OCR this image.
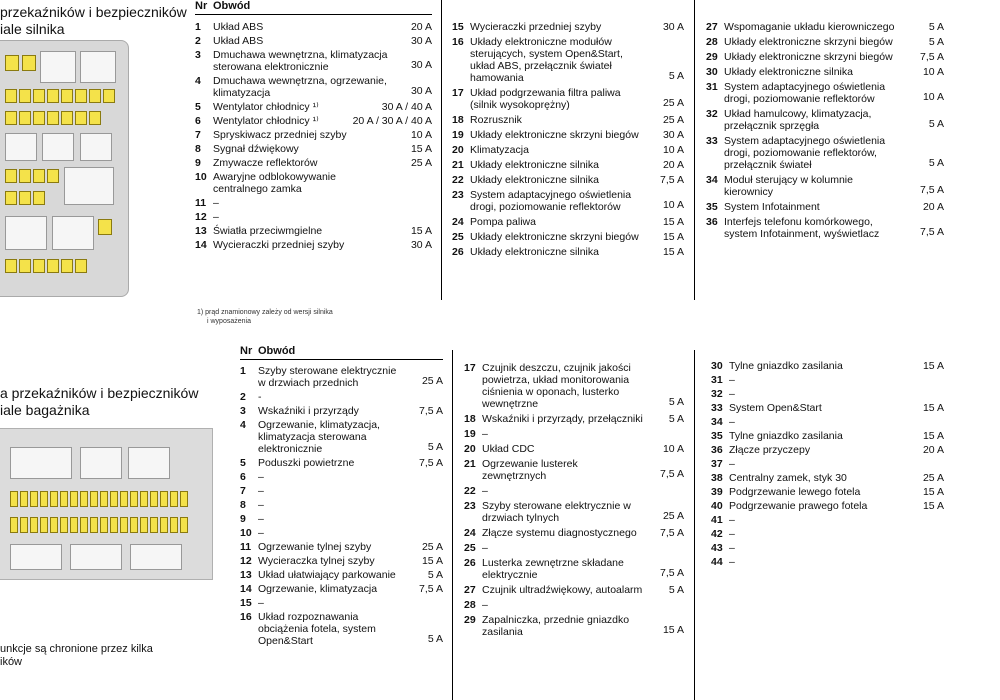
przekaźników i bezpieczników
iale silnika
Nr Obwód
1	Układ ABS	20 A
2	Układ ABS	30 A
3	Dmuchawa wewnętrzna, klimatyzacja sterowana elektronicznie	30 A
4	Dmuchawa wewnętrzna, ogrzewanie, klimatyzacja	30 A
5	Wentylator chłodnicy ¹⁾	30 A / 40 A
6	Wentylator chłodnicy ¹⁾	20 A / 30 A / 40 A
7	Spryskiwacz przedniej szyby	10 A
8	Sygnał dźwiękowy	15 A
9	Zmywacze reflektorów	25 A
10 Awaryjne odblokowywanie centralnego zamka
11 –
12 –
13 Światła przeciwmgielne	15 A
14 Wycieraczki przedniej szyby	30 A
1) prąd znamionowy zależy od wersji silnika
i wyposażenia
15 Wycieraczki przedniej szyby	30 A
16 Układy elektroniczne modułów sterujących, system Open&Start, układ ABS, przełącznik świateł hamowania	5 A
17 Układ podgrzewania filtra paliwa (silnik wysokoprężny)	25 A
18 Rozrusznik	25 A
19 Układy elektroniczne skrzyni biegów	30 A
20 Klimatyzacja	10 A
21 Układy elektroniczne silnika	20 A
22 Układy elektroniczne silnika	7,5 A
23 System adaptacyjnego oświetlenia drogi, poziomowanie reflektorów	10 A
24 Pompa paliwa	15 A
25 Układy elektroniczne skrzyni biegów	15 A
26 Układy elektroniczne silnika	15 A
27 Wspomaganie układu kierowniczego	5 A
28 Układy elektroniczne skrzyni biegów	5 A
29 Układy elektroniczne skrzyni biegów	7,5 A
30 Układy elektroniczne silnika	10 A
31 System adaptacyjnego oświetlenia drogi, poziomowanie reflektorów	10 A
32 Układ hamulcowy, klimatyzacja, przełącznik sprzęgła	5 A
33 System adaptacyjnego oświetlenia drogi, poziomowanie reflektorów, przełącznik świateł	5 A
34 Moduł sterujący w kolumnie kierownicy	7,5 A
35 System Infotainment	20 A
36 Interfejs telefonu komórkowego, system Infotainment, wyświetlacz	7,5 A
a przekaźników i bezpieczników
iale bagażnika
unkcje są chronione przez kilka
ików
Nr Obwód
1	Szyby sterowane elektrycznie w drzwiach przednich	25 A
2	-
3	Wskaźniki i przyrządy	7,5 A
4	Ogrzewanie, klimatyzacja, klimatyzacja sterowana elektronicznie	5 A
5	Poduszki powietrzne	7,5 A
6	–
7	–
8	–
9	–
10 –
11 Ogrzewanie tylnej szyby	25 A
12 Wycieraczka tylnej szyby	15 A
13 Układ ułatwiający parkowanie	5 A
14 Ogrzewanie, klimatyzacja	7,5 A
15 –
16 Układ rozpoznawania obciążenia fotela, system Open&Start	5 A
17 Czujnik deszczu, czujnik jakości powietrza, układ monitorowania ciśnienia w oponach, lusterko wewnętrzne	5 A
18 Wskaźniki i przyrządy, przełączniki 5 A
19 –
20 Układ CDC	10 A
21 Ogrzewanie lusterek zewnętrznych	7,5 A
22 –
23 Szyby sterowane elektrycznie w drzwiach tylnych	25 A
24 Złącze systemu diagnostycznego	7,5 A
25 –
26 Lusterka zewnętrzne składane elektrycznie	7,5 A
27 Czujnik ultradźwiękowy, autoalarm	5 A
28 –
29 Zapalniczka, przednie gniazdko zasilania	15 A
30 Tylne gniazdko zasilania	15 A
31 –
32 –
33 System Open&Start	15 A
34 –
35 Tylne gniazdko zasilania	15 A
36 Złącze przyczepy	20 A
37 –
38 Centralny zamek, styk 30	25 A
39 Podgrzewanie lewego fotela	15 A
40 Podgrzewanie prawego fotela	15 A
41 –
42 –
43 –
44 –
